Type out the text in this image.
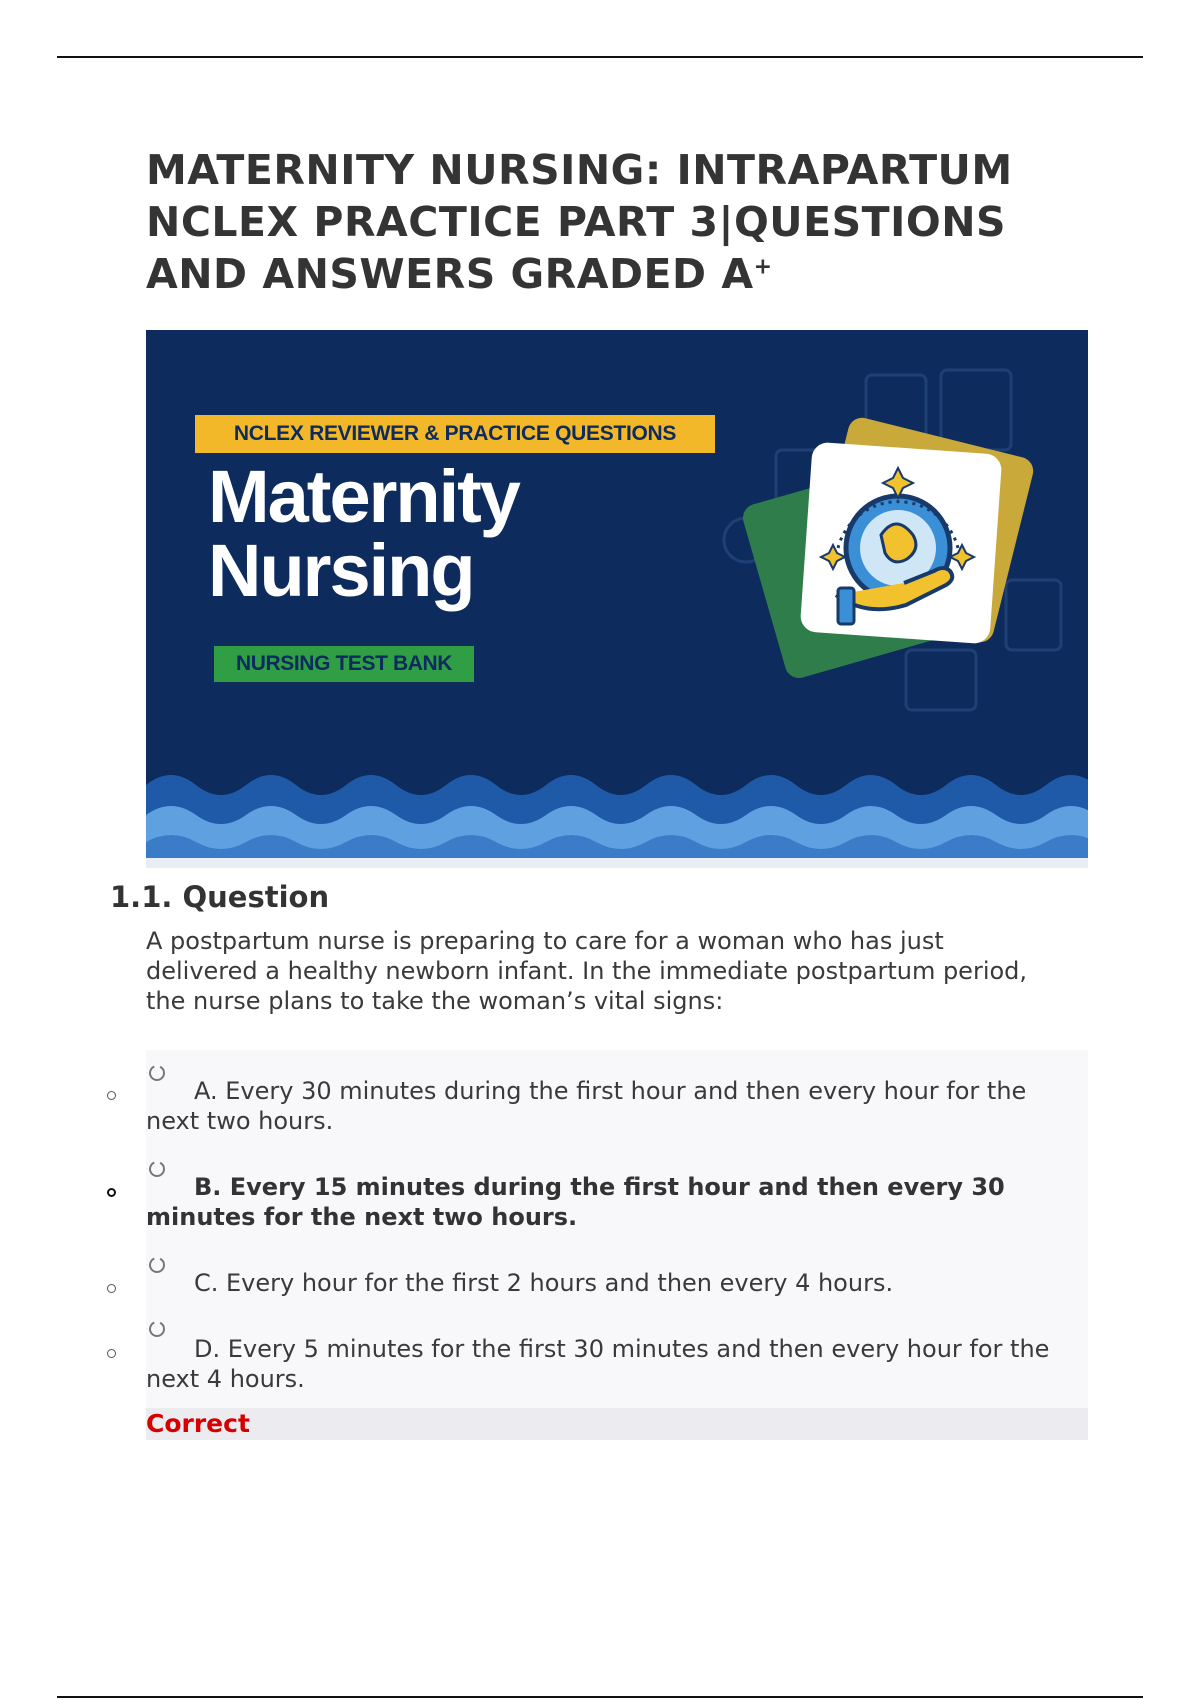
MATERNITY NURSING: INTRAPARTUM
NCLEX PRACTICE PART 3|QUESTIONS
AND ANSWERS GRADED A+
NCLEX REVIEWER & PRACTICE QUESTIONS
Maternity
Nursing
NURSING TEST BANK
1.1. Question

A postpartum nurse is preparing to care for a woman who has just delivered a healthy newborn infant. In the immediate postpartum period, the nurse plans to take the woman’s vital signs:

A. Every 30 minutes during the first hour and then every hour for the next two hours.
B. Every 15 minutes during the first hour and then every 30 minutes for the next two hours.
C. Every hour for the first 2 hours and then every 4 hours.
D. Every 5 minutes for the first 30 minutes and then every hour for the next 4 hours.
Correct
